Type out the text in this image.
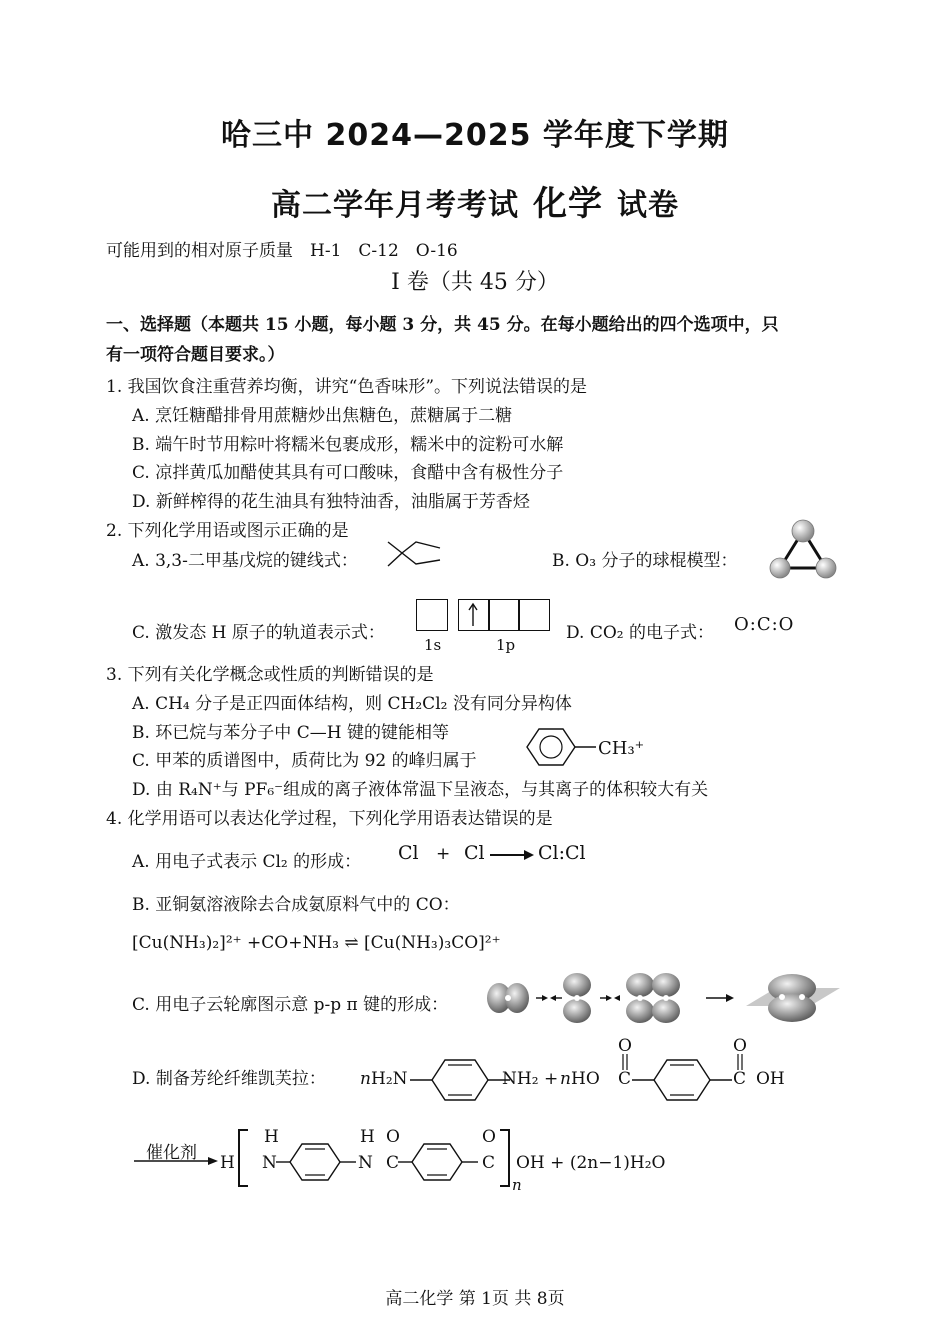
哈三中 2024—2025 学年度下学期
高二学年月考考试 化学 试卷
可能用到的相对原子质量　H-1　C-12　O-16
I 卷（共 45 分）
一、选择题（本题共 15 小题，每小题 3 分，共 45 分。在每小题给出的四个选项中，只
有一项符合题目要求。）
1. 我国饮食注重营养均衡，讲究“色香味形”。下列说法错误的是
A. 烹饪糖醋排骨用蔗糖炒出焦糖色，蔗糖属于二糖
B. 端午时节用粽叶将糯米包裹成形，糯米中的淀粉可水解
C. 凉拌黄瓜加醋使其具有可口酸味，食醋中含有极性分子
D. 新鲜榨得的花生油具有独特油香，油脂属于芳香烃
2. 下列化学用语或图示正确的是
A. 3,3-二甲基戊烷的键线式：	B. O₃ 分子的球棍模型：
C. 激发态 H 原子的轨道表示式：
1s	1p
D. CO₂ 的电子式： O:C:O
3. 下列有关化学概念或性质的判断错误的是
A. CH₄ 分子是正四面体结构，则 CH₂Cl₂ 没有同分异构体
B. 环已烷与苯分子中 C—H 键的键能相等
C. 甲苯的质谱图中，质荷比为 92 的峰归属于
CH₃⁺
D. 由 R₄N⁺与 PF₆⁻组成的离子液体常温下呈液态，与其离子的体积较大有关
4. 化学用语可以表达化学过程，下列化学用语表达错误的是
A. 用电子式表示 Cl₂ 的形成： Cl + Cl → Cl:Cl
B. 亚铜氨溶液除去合成氨原料气中的 CO：
[Cu(NH₃)₂]²⁺ +CO+NH₃ ⇌ [Cu(NH₃)₃CO]²⁺
C. 用电子云轮廓图示意 p-p π 键的形成：
D. 制备芳纶纤维凯芙拉： n H₂N	NH₂ + n HO C
O
C
O
OH
催化剂 H
H
N
H
N C
O
C
O
n
OH + (2n−1)H₂O
高二化学 第 1页 共 8页
